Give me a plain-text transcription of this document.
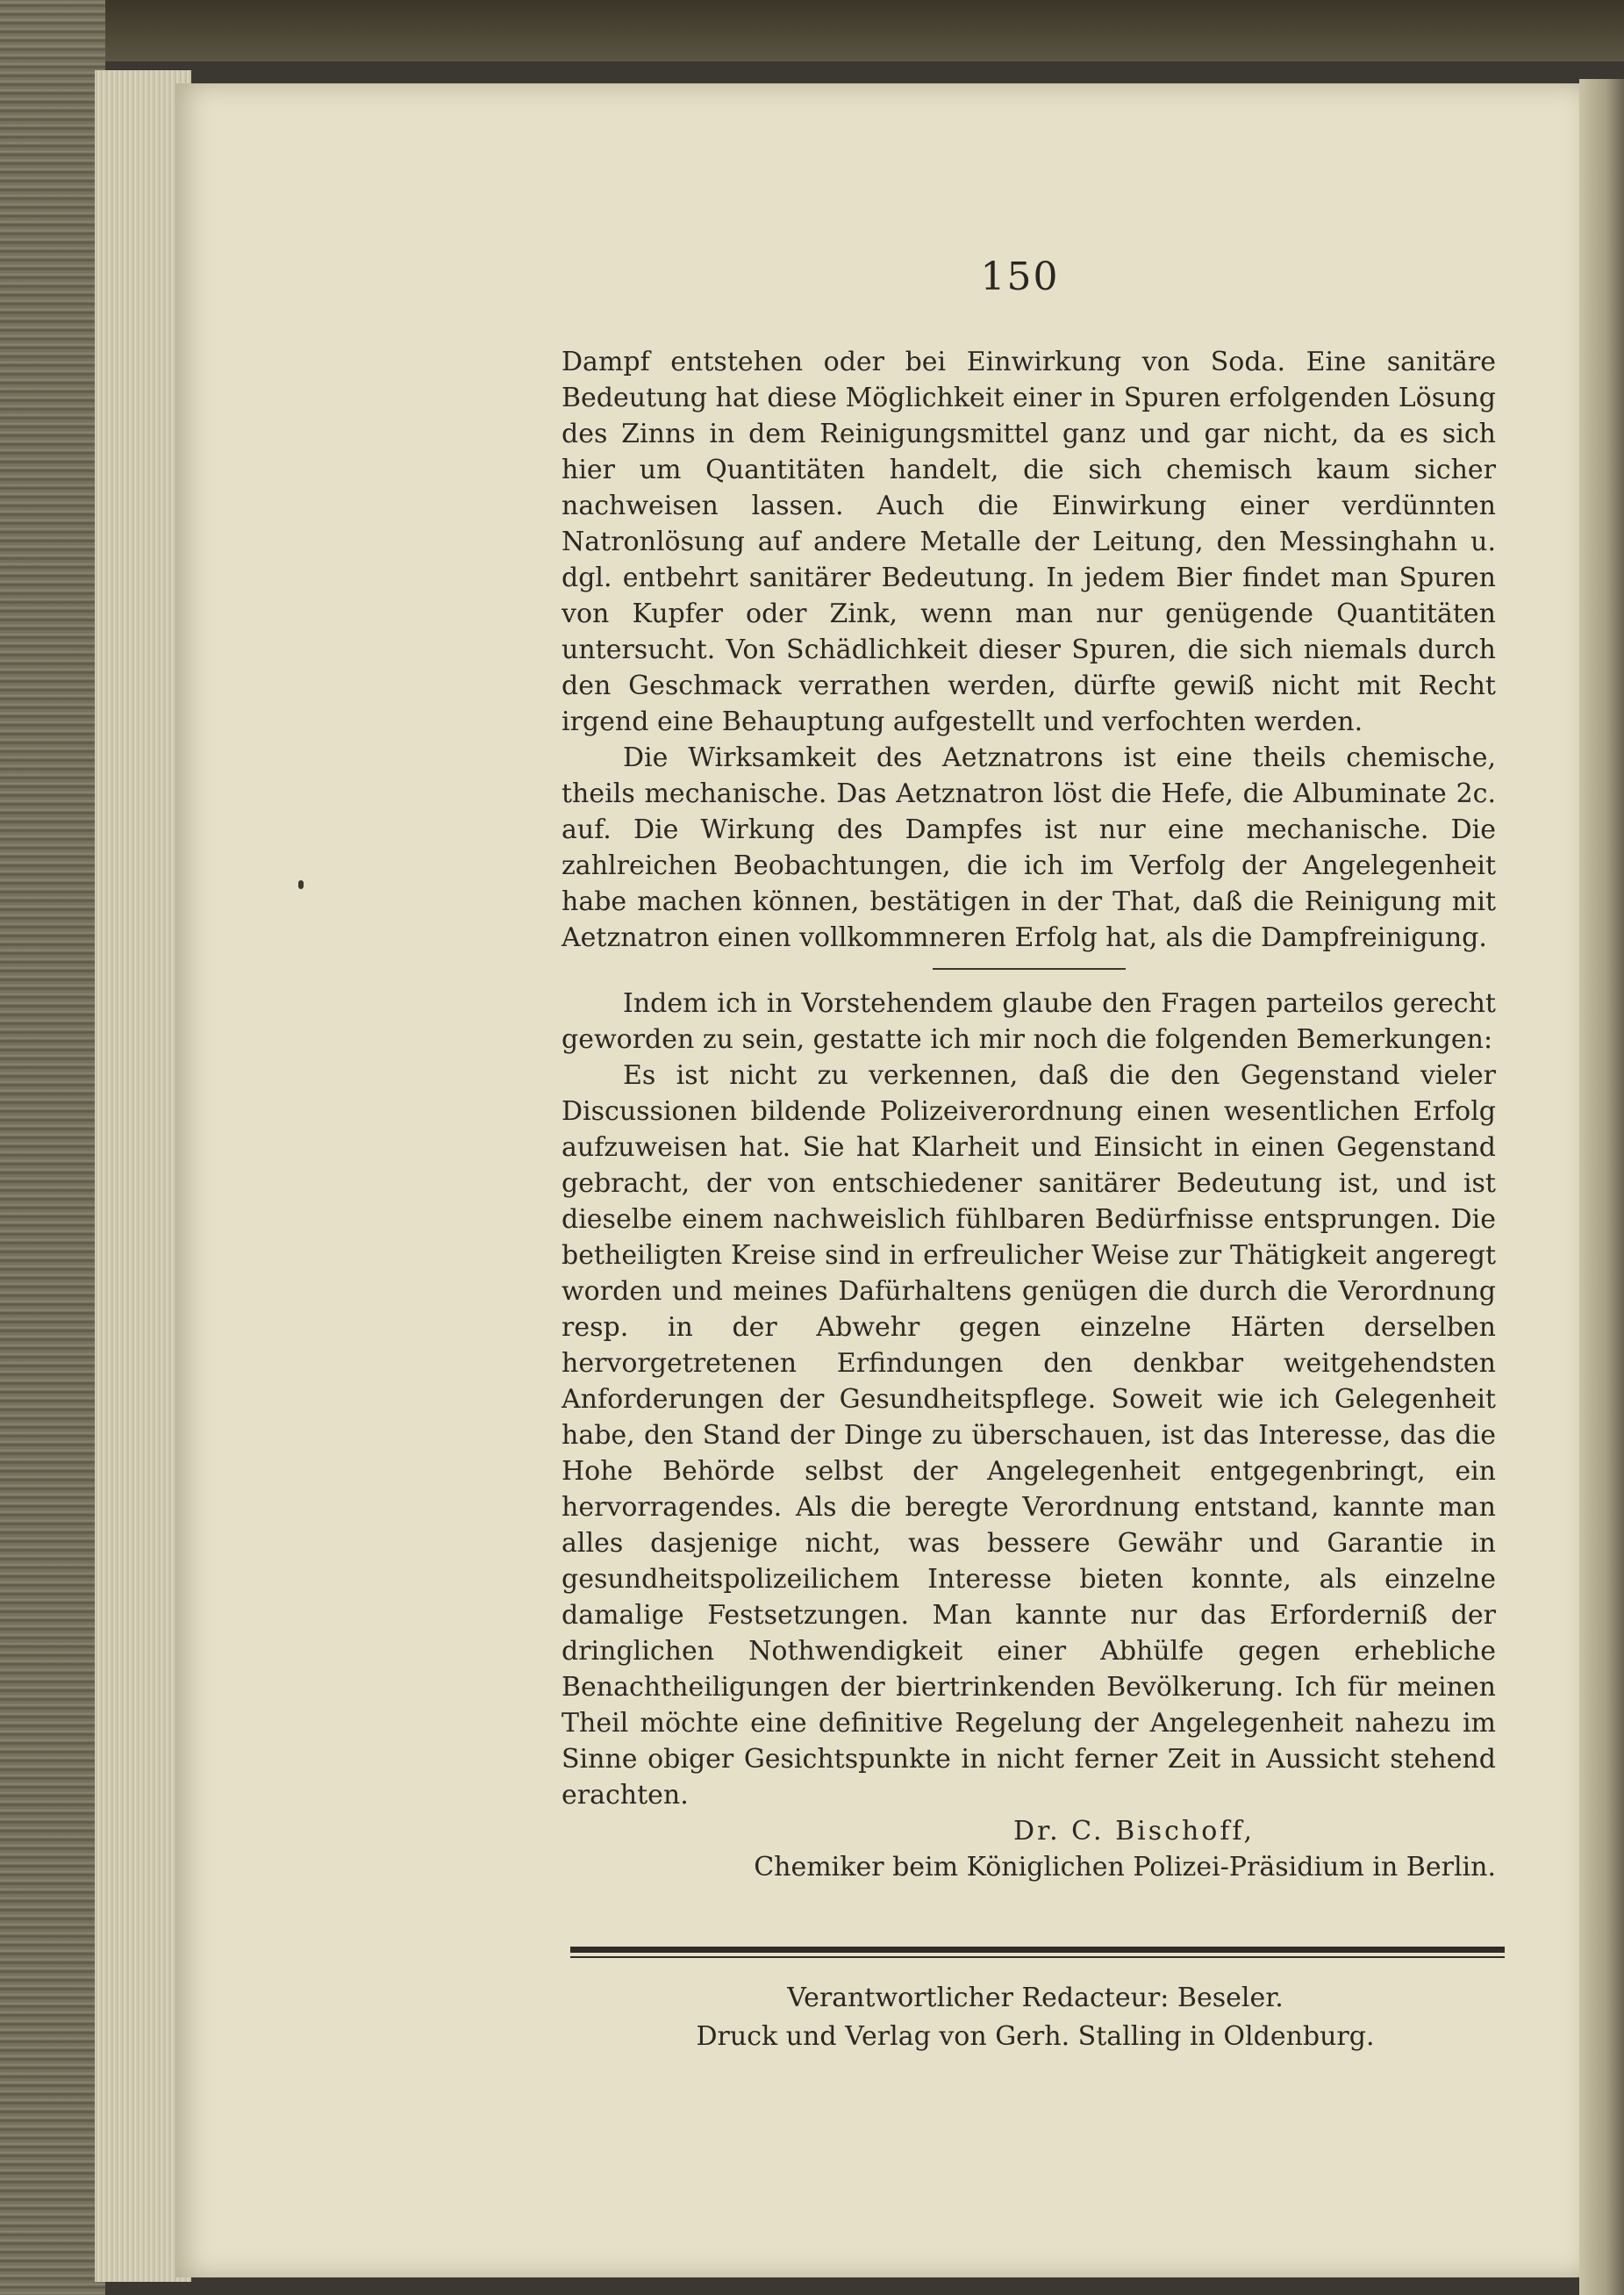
150

Dampf entstehen oder bei Einwirkung von Soda. Eine sanitäre Bedeutung hat diese Möglichkeit einer in Spuren erfolgenden Lösung des Zinns in dem Reinigungsmittel ganz und gar nicht, da es sich hier um Quantitäten handelt, die sich chemisch kaum sicher nachweisen lassen. Auch die Einwirkung einer verdünnten Natronlösung auf andere Metalle der Leitung, den Messinghahn u. dgl. entbehrt sanitärer Bedeutung. In jedem Bier findet man Spuren von Kupfer oder Zink, wenn man nur genügende Quantitäten untersucht. Von Schädlichkeit dieser Spuren, die sich niemals durch den Geschmack verrathen werden, dürfte gewiß nicht mit Recht irgend eine Behauptung aufgestellt und verfochten werden.

Die Wirksamkeit des Aetznatrons ist eine theils chemische, theils mechanische. Das Aetznatron löst die Hefe, die Albuminate 2c. auf. Die Wirkung des Dampfes ist nur eine mechanische. Die zahlreichen Beobachtungen, die ich im Verfolg der Angelegenheit habe machen können, bestätigen in der That, daß die Reinigung mit Aetznatron einen vollkommneren Erfolg hat, als die Dampfreinigung.

Indem ich in Vorstehendem glaube den Fragen parteilos gerecht geworden zu sein, gestatte ich mir noch die folgenden Bemerkungen:

Es ist nicht zu verkennen, daß die den Gegenstand vieler Discussionen bildende Polizeiverordnung einen wesentlichen Erfolg aufzuweisen hat. Sie hat Klarheit und Einsicht in einen Gegenstand gebracht, der von entschiedener sanitärer Bedeutung ist, und ist dieselbe einem nachweislich fühlbaren Bedürfnisse entsprungen. Die betheiligten Kreise sind in erfreulicher Weise zur Thätigkeit angeregt worden und meines Dafürhaltens genügen die durch die Verordnung resp. in der Abwehr gegen einzelne Härten derselben hervorgetretenen Erfindungen den denkbar weitgehendsten Anforderungen der Gesundheitspflege. Soweit wie ich Gelegenheit habe, den Stand der Dinge zu überschauen, ist das Interesse, das die Hohe Behörde selbst der Angelegenheit entgegenbringt, ein hervorragendes. Als die beregte Verordnung entstand, kannte man alles dasjenige nicht, was bessere Gewähr und Garantie in gesundheitspolizeilichem Interesse bieten konnte, als einzelne damalige Festsetzungen. Man kannte nur das Erforderniß der dringlichen Nothwendigkeit einer Abhülfe gegen erhebliche Benachtheiligungen der biertrinkenden Bevölkerung. Ich für meinen Theil möchte eine definitive Regelung der Angelegenheit nahezu im Sinne obiger Gesichtspunkte in nicht ferner Zeit in Aussicht stehend erachten.

Dr. C. Bischoff,

Chemiker beim Königlichen Polizei-Präsidium in Berlin.

Verantwortlicher Redacteur: Beseler.
Druck und Verlag von Gerh. Stalling in Oldenburg.
